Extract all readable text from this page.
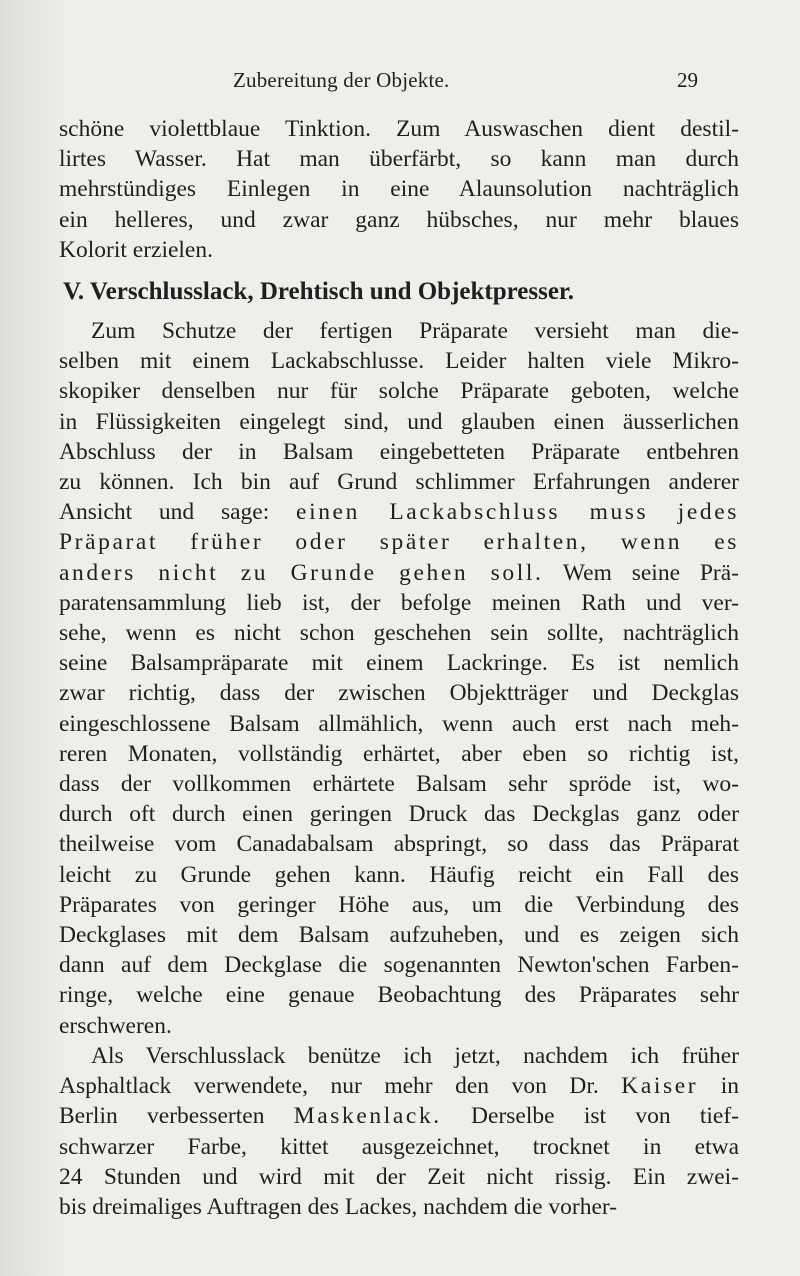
Zubereitung der Objekte.	29
schöne violettblaue Tinktion. Zum Auswaschen dient destil-
lirtes Wasser. Hat man überfärbt, so kann man durch
mehrstündiges Einlegen in eine Alaunsolution nachträglich
ein helleres, und zwar ganz hübsches, nur mehr blaues
Kolorit erzielen.
V. Verschlusslack, Drehtisch und Objektpresser.
Zum Schutze der fertigen Präparate versieht man die-
selben mit einem Lackabschlusse. Leider halten viele Mikro-
skopiker denselben nur für solche Präparate geboten, welche
in Flüssigkeiten eingelegt sind, und glauben einen äusserlichen
Abschluss der in Balsam eingebetteten Präparate entbehren
zu können. Ich bin auf Grund schlimmer Erfahrungen anderer
Ansicht und sage: einen Lackabschluss muss jedes
Präparat früher oder später erhalten, wenn es
anders nicht zu Grunde gehen soll. Wem seine Prä-
paratensammlung lieb ist, der befolge meinen Rath und ver-
sehe, wenn es nicht schon geschehen sein sollte, nachträglich
seine Balsampräparate mit einem Lackringe. Es ist nemlich
zwar richtig, dass der zwischen Objektträger und Deckglas
eingeschlossene Balsam allmählich, wenn auch erst nach meh-
reren Monaten, vollständig erhärtet, aber eben so richtig ist,
dass der vollkommen erhärtete Balsam sehr spröde ist, wo-
durch oft durch einen geringen Druck das Deckglas ganz oder
theilweise vom Canadabalsam abspringt, so dass das Präparat
leicht zu Grunde gehen kann. Häufig reicht ein Fall des
Präparates von geringer Höhe aus, um die Verbindung des
Deckglases mit dem Balsam aufzuheben, und es zeigen sich
dann auf dem Deckglase die sogenannten Newton'schen Farben-
ringe, welche eine genaue Beobachtung des Präparates sehr
erschweren.
Als Verschlusslack benütze ich jetzt, nachdem ich früher
Asphaltlack verwendete, nur mehr den von Dr. Kaiser in
Berlin verbesserten Maskenlack. Derselbe ist von tief-
schwarzer Farbe, kittet ausgezeichnet, trocknet in etwa
24 Stunden und wird mit der Zeit nicht rissig. Ein zwei-
bis dreimaliges Auftragen des Lackes, nachdem die vorher-
